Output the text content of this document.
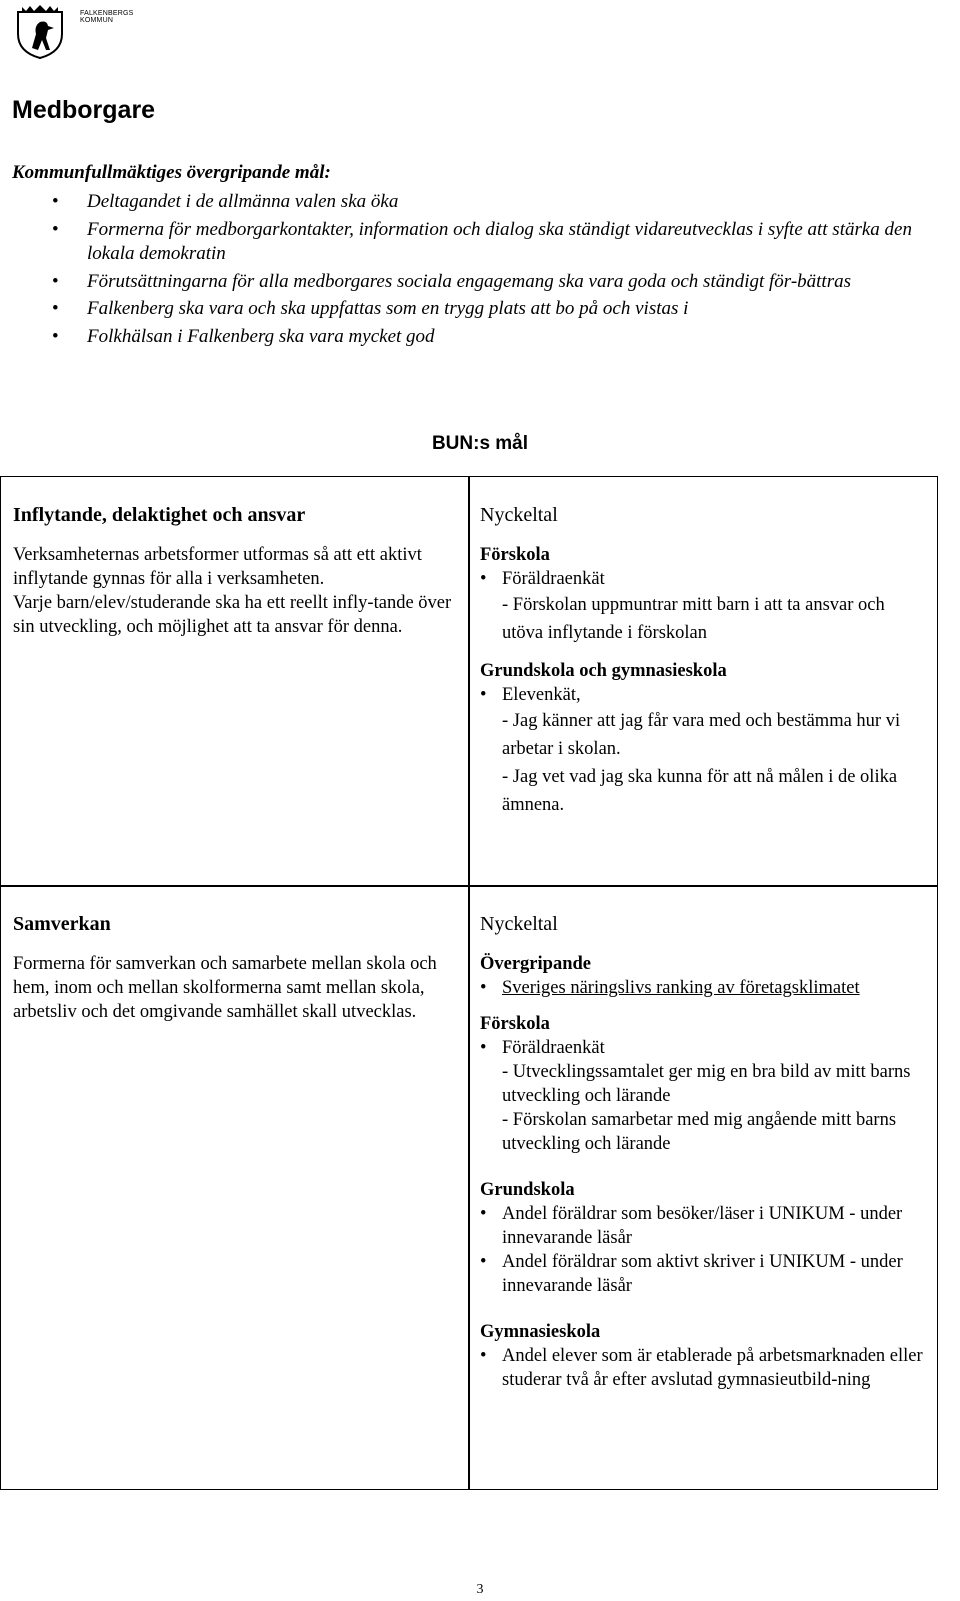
FALKENBERGS KOMMUN
Medborgare

Kommunfullmäktiges övergripande mål:

• Deltagandet i de allmänna valen ska öka
• Formerna för medborgarkontakter, information och dialog ska ständigt vidareutvecklas i syfte att stärka den lokala demokratin
• Förutsättningarna för alla medborgares sociala engagemang ska vara goda och ständigt för-bättras
• Falkenberg ska vara och ska uppfattas som en trygg plats att bo på och vistas i
• Folkhälsan i Falkenberg ska vara mycket god
BUN:s mål

Inflytande, delaktighet och ansvar

Verksamheternas arbetsformer utformas så att ett aktivt inflytande gynnas för alla i verksamheten.

Varje barn/elev/studerande ska ha ett reellt infly-tande över sin utveckling, och möjlighet att ta ansvar för denna.

Nyckeltal

Förskola

• Föräldraenkät

- Förskolan uppmuntrar mitt barn i att ta ansvar och utöva inflytande i förskolan

Grundskola och gymnasieskola

• Elevenkät,

- Jag känner att jag får vara med och bestämma hur vi arbetar i skolan.

- Jag vet vad jag ska kunna för att nå målen i de olika ämnena.

Samverkan

Formerna för samverkan och samarbete mellan skola och hem, inom och mellan skolformerna samt mellan skola, arbetsliv och det omgivande samhället skall utvecklas.

Nyckeltal

Övergripande

• Sveriges näringslivs ranking av företagsklimatet

Förskola

• Föräldraenkät

- Utvecklingssamtalet ger mig en bra bild av mitt barns utveckling och lärande

- Förskolan samarbetar med mig angående mitt barns utveckling och lärande

Grundskola

• Andel föräldrar som besöker/läser i UNIKUM - under innevarande läsår
• Andel föräldrar som aktivt skriver i UNIKUM - under innevarande läsår

Gymnasieskola

• Andel elever som är etablerade på arbetsmarknaden eller studerar två år efter avslutad gymnasieutbild-ning
3
